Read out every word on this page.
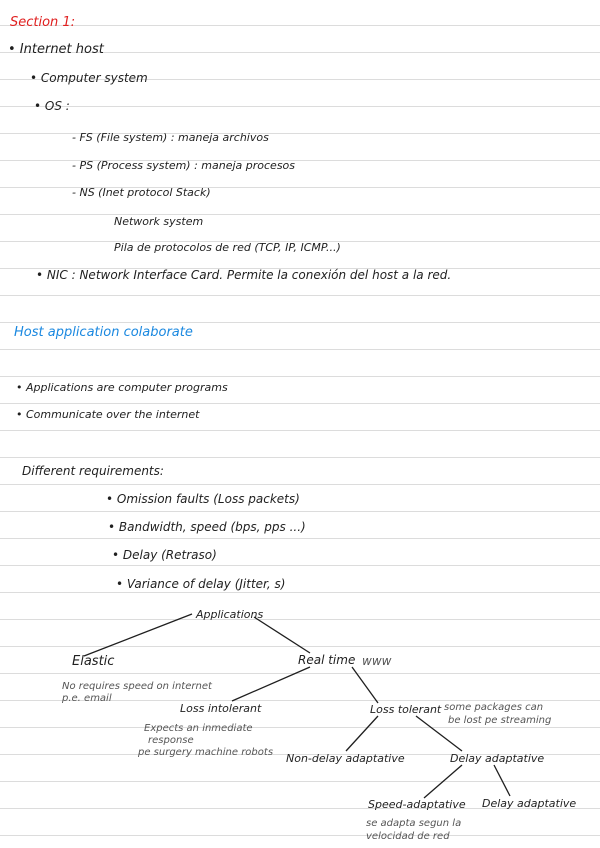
Section 1:
• Internet host
• Computer system
• OS :
- FS (File system) : maneja archivos
- PS (Process system) : maneja procesos
- NS (Inet protocol Stack)
Network system
Pila de protocolos de red (TCP, IP, ICMP...)
• NIC : Network Interface Card. Permite la conexión del host a la red.
Host application colaborate
• Applications are computer programs
• Communicate over the internet
Different requirements:
• Omission faults (Loss packets)
• Bandwidth, speed (bps, pps ...)
• Delay (Retraso)
• Variance of delay (Jitter, s)
Applications
Elastic
No requires speed on internet
p.e. email
Real time www
Loss intolerant
Expects an inmediate
response
pe surgery machine robots
Loss tolerant some packages can
be lost pe streaming
Non-delay adaptative	Delay adaptative
Speed-adaptative
se adapta segun la
velocidad de red
Delay adaptative
